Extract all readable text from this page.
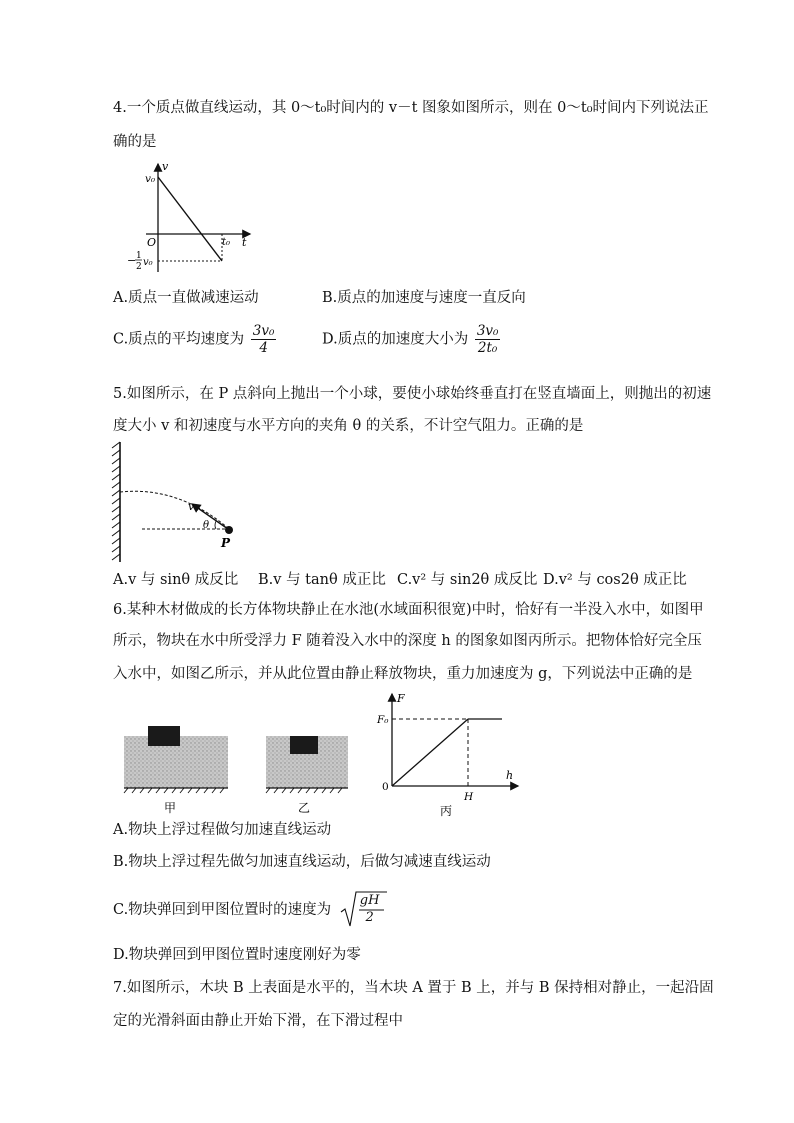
4.一个质点做直线运动，其 0～t₀时间内的 v－t 图象如图所示，则在 0～t₀时间内下列说法正
确的是
v
v₀
O	t₀ t
− 1
2 v₀
A.质点一直做减速运动	B.质点的加速度与速度一直反向
C.质点的平均速度为 $\frac{\text{3v₀}}{4}$	D.质点的加速度大小为 $\frac{\text{3v₀}}{\text{2t₀}}$
5.如图所示，在 P 点斜向上抛出一个小球，要使小球始终垂直打在竖直墙面上，则抛出的初速
度大小 v 和初速度与水平方向的夹角 θ 的关系，不计空气阻力。正确的是
v
θ
P
A.v 与 sinθ 成反比 B.v 与 tanθ 成正比 C.v² 与 sin2θ 成反比 D.v² 与 cos2θ 成正比
6.某种木材做成的长方体物块静止在水池(水域面积很宽)中时，恰好有一半没入水中，如图甲
所示，物块在水中所受浮力 F 随着没入水中的深度 h 的图象如图丙所示。把物体恰好完全压
入水中，如图乙所示，并从此位置由静止释放物块，重力加速度为 g，下列说法中正确的是
甲	乙
F
F₀
0
H
h
丙
A.物块上浮过程做匀加速直线运动
B.物块上浮过程先做匀加速直线运动，后做匀减速直线运动
C.物块弹回到甲图位置时的速度为
gH
2
D.物块弹回到甲图位置时速度刚好为零
7.如图所示，木块 B 上表面是水平的，当木块 A 置于 B 上，并与 B 保持相对静止，一起沿固
定的光滑斜面由静止开始下滑，在下滑过程中
